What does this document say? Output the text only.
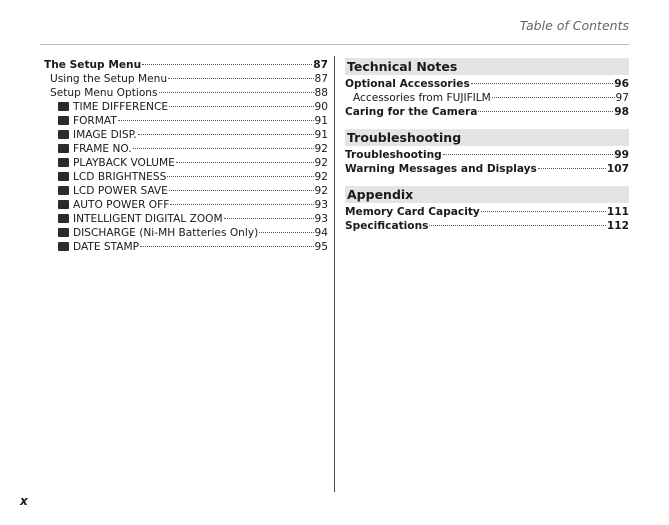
Table of Contents
The Setup Menu	87
Using the Setup Menu	87
Setup Menu Options	88
TIME DIFFERENCE	90
FORMAT	91
IMAGE DISP.	91
FRAME NO.	92
PLAYBACK VOLUME	92
LCD BRIGHTNESS	92
LCD POWER SAVE	92
AUTO POWER OFF	93
INTELLIGENT DIGITAL ZOOM	93
DISCHARGE (Ni-MH Batteries Only)	94
DATE STAMP	95
Technical Notes
Optional Accessories	96
Accessories from FUJIFILM	97
Caring for the Camera	98
Troubleshooting
Troubleshooting	99
Warning Messages and Displays	107
Appendix
Memory Card Capacity	111
Specifications	112
x
